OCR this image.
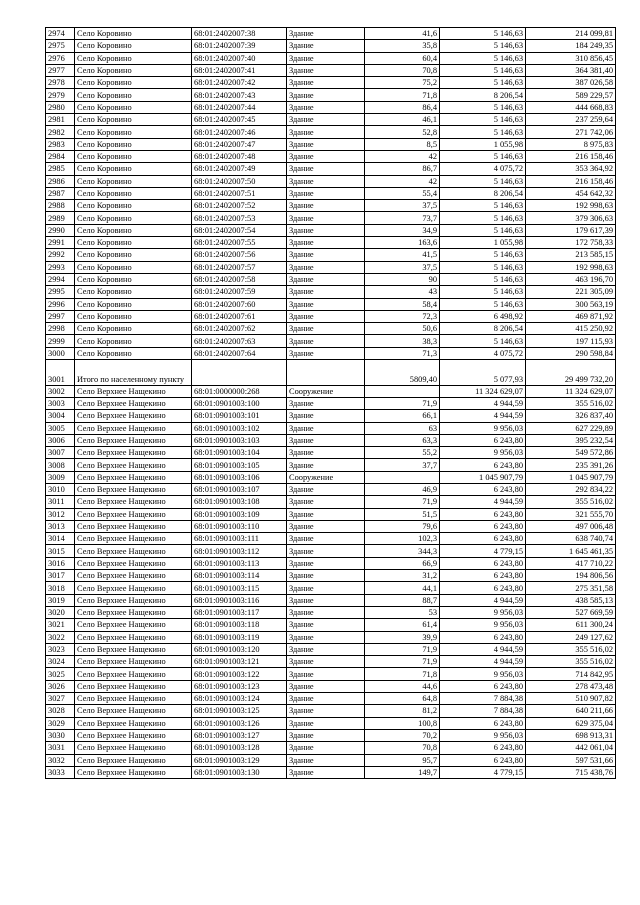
2974	Село Коровино	68:01:2402007:38	Здание	41,6	5 146,63	214 099,81
2975	Село Коровино	68:01:2402007:39	Здание	35,8	5 146,63	184 249,35
2976	Село Коровино	68:01:2402007:40	Здание	60,4	5 146,63	310 856,45
2977	Село Коровино	68:01:2402007:41	Здание	70,8	5 146,63	364 381,40
2978	Село Коровино	68:01:2402007:42	Здание	75,2	5 146,63	387 026,58
2979	Село Коровино	68:01:2402007:43	Здание	71,8	8 206,54	589 229,57
2980	Село Коровино	68:01:2402007:44	Здание	86,4	5 146,63	444 668,83
2981	Село Коровино	68:01:2402007:45	Здание	46,1	5 146,63	237 259,64
2982	Село Коровино	68:01:2402007:46	Здание	52,8	5 146,63	271 742,06
2983	Село Коровино	68:01:2402007:47	Здание	8,5	1 055,98	8 975,83
2984	Село Коровино	68:01:2402007:48	Здание	42	5 146,63	216 158,46
2985	Село Коровино	68:01:2402007:49	Здание	86,7	4 075,72	353 364,92
2986	Село Коровино	68:01:2402007:50	Здание	42	5 146,63	216 158,46
2987	Село Коровино	68:01:2402007:51	Здание	55,4	8 206,54	454 642,32
2988	Село Коровино	68:01:2402007:52	Здание	37,5	5 146,63	192 998,63
2989	Село Коровино	68:01:2402007:53	Здание	73,7	5 146,63	379 306,63
2990	Село Коровино	68:01:2402007:54	Здание	34,9	5 146,63	179 617,39
2991	Село Коровино	68:01:2402007:55	Здание	163,6	1 055,98	172 758,33
2992	Село Коровино	68:01:2402007:56	Здание	41,5	5 146,63	213 585,15
2993	Село Коровино	68:01:2402007:57	Здание	37,5	5 146,63	192 998,63
2994	Село Коровино	68:01:2402007:58	Здание	90	5 146,63	463 196,70
2995	Село Коровино	68:01:2402007:59	Здание	43	5 146,63	221 305,09
2996	Село Коровино	68:01:2402007:60	Здание	58,4	5 146,63	300 563,19
2997	Село Коровино	68:01:2402007:61	Здание	72,3	6 498,92	469 871,92
2998	Село Коровино	68:01:2402007:62	Здание	50,6	8 206,54	415 250,92
2999	Село Коровино	68:01:2402007:63	Здание	38,3	5 146,63	197 115,93
3000	Село Коровино	68:01:2402007:64	Здание	71,3	4 075,72	290 598,84
3001	Итого по населенному пункту			5809,40	5 077,93	29 499 732,20
3002	Село Верхнее Нащекино	68:01:0000000:268	Сооружение		11 324 629,07	11 324 629,07
3003	Село Верхнее Нащекино	68:01:0901003:100	Здание	71,9	4 944,59	355 516,02
3004	Село Верхнее Нащекино	68:01:0901003:101	Здание	66,1	4 944,59	326 837,40
3005	Село Верхнее Нащекино	68:01:0901003:102	Здание	63	9 956,03	627 229,89
3006	Село Верхнее Нащекино	68:01:0901003:103	Здание	63,3	6 243,80	395 232,54
3007	Село Верхнее Нащекино	68:01:0901003:104	Здание	55,2	9 956,03	549 572,86
3008	Село Верхнее Нащекино	68:01:0901003:105	Здание	37,7	6 243,80	235 391,26
3009	Село Верхнее Нащекино	68:01:0901003:106	Сооружение		1 045 907,79	1 045 907,79
3010	Село Верхнее Нащекино	68:01:0901003:107	Здание	46,9	6 243,80	292 834,22
3011	Село Верхнее Нащекино	68:01:0901003:108	Здание	71,9	4 944,59	355 516,02
3012	Село Верхнее Нащекино	68:01:0901003:109	Здание	51,5	6 243,80	321 555,70
3013	Село Верхнее Нащекино	68:01:0901003:110	Здание	79,6	6 243,80	497 006,48
3014	Село Верхнее Нащекино	68:01:0901003:111	Здание	102,3	6 243,80	638 740,74
3015	Село Верхнее Нащекино	68:01:0901003:112	Здание	344,3	4 779,15	1 645 461,35
3016	Село Верхнее Нащекино	68:01:0901003:113	Здание	66,9	6 243,80	417 710,22
3017	Село Верхнее Нащекино	68:01:0901003:114	Здание	31,2	6 243,80	194 806,56
3018	Село Верхнее Нащекино	68:01:0901003:115	Здание	44,1	6 243,80	275 351,58
3019	Село Верхнее Нащекино	68:01:0901003:116	Здание	88,7	4 944,59	438 585,13
3020	Село Верхнее Нащекино	68:01:0901003:117	Здание	53	9 956,03	527 669,59
3021	Село Верхнее Нащекино	68:01:0901003:118	Здание	61,4	9 956,03	611 300,24
3022	Село Верхнее Нащекино	68:01:0901003:119	Здание	39,9	6 243,80	249 127,62
3023	Село Верхнее Нащекино	68:01:0901003:120	Здание	71,9	4 944,59	355 516,02
3024	Село Верхнее Нащекино	68:01:0901003:121	Здание	71,9	4 944,59	355 516,02
3025	Село Верхнее Нащекино	68:01:0901003:122	Здание	71,8	9 956,03	714 842,95
3026	Село Верхнее Нащекино	68:01:0901003:123	Здание	44,6	6 243,80	278 473,48
3027	Село Верхнее Нащекино	68:01:0901003:124	Здание	64,8	7 884,38	510 907,82
3028	Село Верхнее Нащекино	68:01:0901003:125	Здание	81,2	7 884,38	640 211,66
3029	Село Верхнее Нащекино	68:01:0901003:126	Здание	100,8	6 243,80	629 375,04
3030	Село Верхнее Нащекино	68:01:0901003:127	Здание	70,2	9 956,03	698 913,31
3031	Село Верхнее Нащекино	68:01:0901003:128	Здание	70,8	6 243,80	442 061,04
3032	Село Верхнее Нащекино	68:01:0901003:129	Здание	95,7	6 243,80	597 531,66
3033	Село Верхнее Нащекино	68:01:0901003:130	Здание	149,7	4 779,15	715 438,76
